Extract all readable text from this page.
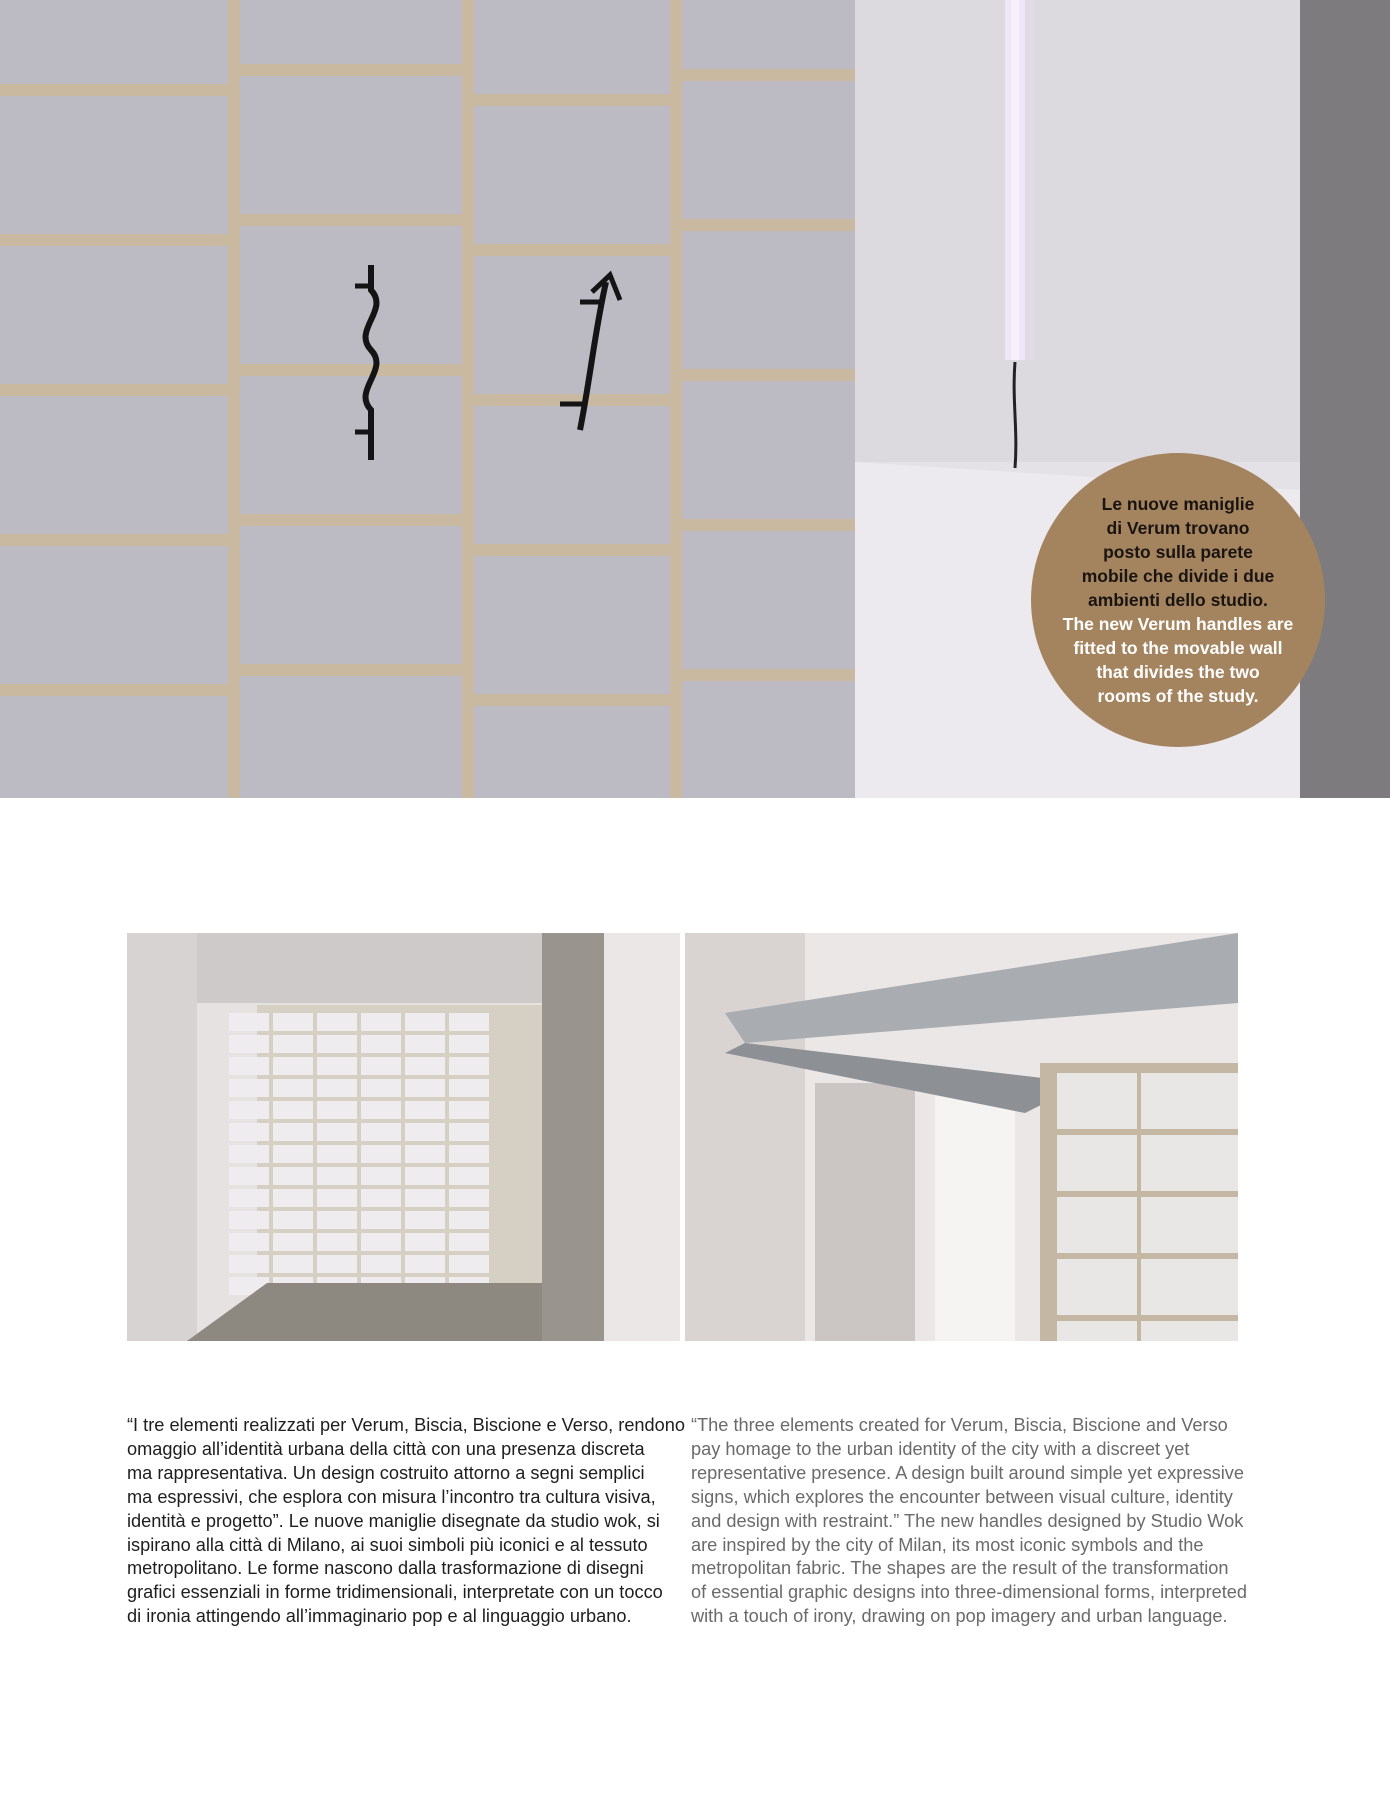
Le nuove maniglie
di Verum trovano
posto sulla parete
mobile che divide i due
ambienti dello studio.
The new Verum handles are
fitted to the movable wall
that divides the two
rooms of the study.
“I tre elementi realizzati per Verum, Biscia, Biscione e Verso, rendono
omaggio all’identità urbana della città con una presenza discreta
ma rappresentativa. Un design costruito attorno a segni semplici
ma espressivi, che esplora con misura l’incontro tra cultura visiva,
identità e progetto”. Le nuove maniglie disegnate da studio wok, si
ispirano alla città di Milano, ai suoi simboli più iconici e al tessuto
metropolitano. Le forme nascono dalla trasformazione di disegni
grafici essenziali in forme tridimensionali, interpretate con un tocco
di ironia attingendo all’immaginario pop e al linguaggio urbano.
“The three elements created for Verum, Biscia, Biscione and Verso
pay homage to the urban identity of the city with a discreet yet
representative presence. A design built around simple yet expressive
signs, which explores the encounter between visual culture, identity
and design with restraint.” The new handles designed by Studio Wok
are inspired by the city of Milan, its most iconic symbols and the
metropolitan fabric. The shapes are the result of the transformation
of essential graphic designs into three-dimensional forms, interpreted
with a touch of irony, drawing on pop imagery and urban language.
